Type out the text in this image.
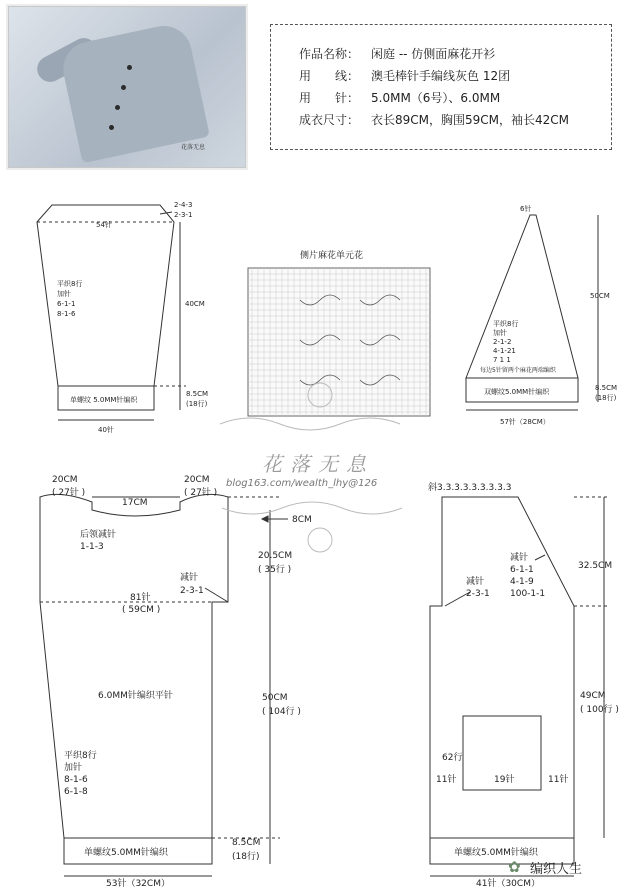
花落无息
作品名称： 闲庭 -- 仿侧面麻花开衫
用　　线： 澳毛棒针手编线灰色 12团
用　　针： 5.0MM（6号）、6.0MM
成衣尺寸： 衣长89CM，胸围59CM，袖长42CM
2-4-3
2-3-1
54针
平织8行
加针
6-1-1
8-1-6
40CM
单螺纹 5.0MM针编织
8.5CM
(18行)
40针
侧片麻花单元花
6针
50CM
平织8行
加针
2-1-2
4-1-21
7 1 1
每边5针留两个麻花两端编织
双螺纹5.0MM针编织	8.5CM
(18行)
57针（28CM）
20CM
( 27针 )
17CM
20CM
( 27针 )
后领减针
1-1-3
8CM
20.5CM
( 35行 )
减针
2-3-1
81针
( 59CM )
6.0MM针编织平针
平织8行
加针
8-1-6
6-1-8
50CM
( 104行 )
单螺纹5.0MM针编织
8.5CM
(18行)
53针（32CM）
斜3.3.3.3.3.3.3.3.3
减针
6-1-1
4-1-9
100-1-1
减针
2-3-1
32.5CM
49CM
( 100行 )
62行
11针	19针	11针
单螺纹5.0MM针编织
41针（30CM）
花落无息
blog163.com/wealth_lhy@126
✿ 编织人生
